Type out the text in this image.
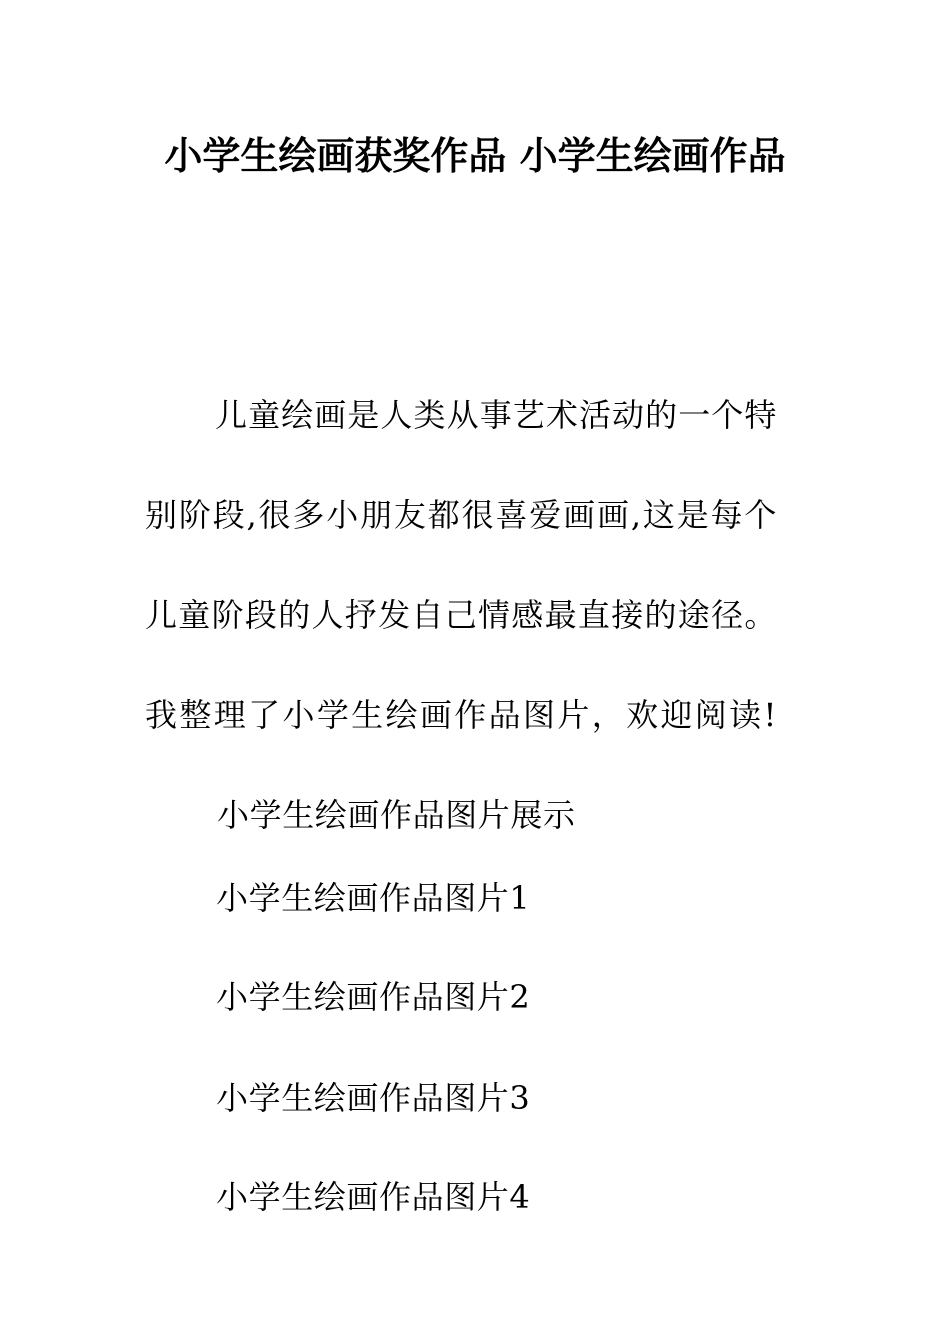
小学生绘画获奖作品 小学生绘画作品

儿童绘画是人类从事艺术活动的一个特别阶段,很多小朋友都很喜爱画画,这是每个儿童阶段的人抒发自己情感最直接的途径。我整理了小学生绘画作品图片，欢迎阅读!小学生绘画作品图片展示

小学生绘画作品图片1

小学生绘画作品图片2

小学生绘画作品图片3

小学生绘画作品图片4
